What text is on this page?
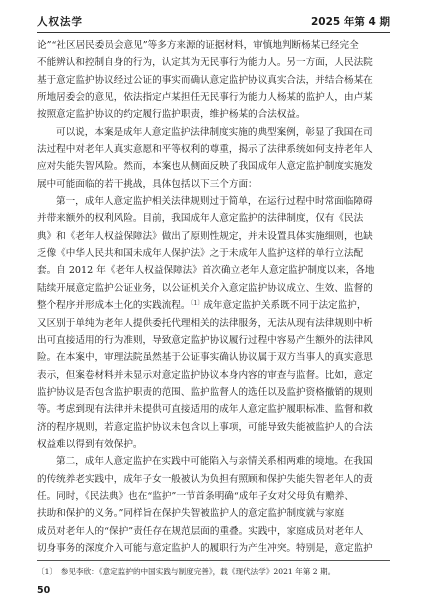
人权法学	2025 年第 4 期

论”“社区居民委员会意见”等多方来源的证据材料，审慎地判断杨某已经完全

不能辨认和控制自身的行为，认定其为无民事行为能力人。另一方面，人民法院

基于意定监护协议经过公证的事实而确认意定监护协议真实合法，并结合杨某在

所地居委会的意见，依法指定卢某担任无民事行为能力人杨某的监护人，由卢某

按照意定监护协议的约定履行监护职责，维护杨某的合法权益。

可以说，本案是成年人意定监护法律制度实施的典型案例，彰显了我国在司

法过程中对老年人真实意愿和平等权利的尊重，揭示了法律系统如何支持老年人

应对失能失智风险。然而，本案也从侧面反映了我国成年人意定监护制度实施发

展中可能面临的若干挑战，具体包括以下三个方面：

第一，成年人意定监护相关法律规则过于简单，在运行过程中时常面临障碍

并带来额外的权利风险。目前，我国成年人意定监护的法律制度，仅有《民法

典》和《老年人权益保障法》做出了原则性规定，并未设置具体实施细则，也缺

乏像《中华人民共和国未成年人保护法》之于未成年人监护这样的单行立法配

套。自 2012 年《老年人权益保障法》首次确立老年人意定监护制度以来，各地

陆续开展意定监护公证业务，以公证机关介入意定监护协议成立、生效、监督的

整个程序并形成本土化的实践流程。$^{〔1〕}$成年意定监护关系既不同于法定监护，

又区别于单纯为老年人提供委托代理相关的法律服务，无法从现有法律规则中析

出可直接适用的行为准则，导致意定监护协议履行过程中容易产生额外的法律风

险。在本案中，审理法院虽然基于公证事实确认协议属于双方当事人的真实意思

表示，但案卷材料并未显示对意定监护协议本身内容的审查与监督。比如，意定

监护协议是否包含监护职责的范围、监护监督人的选任以及监护资格撤销的规则

等。考虑到现有法律并未提供可直接适用的成年人意定监护履职标准、监督和救

济的程序规则，若意定监护协议未包含以上事项，可能导致失能被监护人的合法

权益难以得到有效保护。

第二，成年人意定监护在实践中可能陷入与亲情关系相两难的境地。在我国

的传统养老实践中，成年子女一般被认为负担有照顾和保护失能失智老年人的责

任。同时，《民法典》也在“监护”一节首条明确“成年子女对父母负有赡养、

扶助和保护的义务。”同样旨在保护失智被监护人的意定监护制度就与家庭

成员对老年人的“保护”责任存在规范层面的重叠。实践中，家庭成员对老年人

切身事务的深度介入可能与意定监护人的履职行为产生冲突。特别是，意定监护

〔1〕　参见李欣：《意定监护的中国实践与制度完善》，载《现代法学》2021 年第 2 期。
50
